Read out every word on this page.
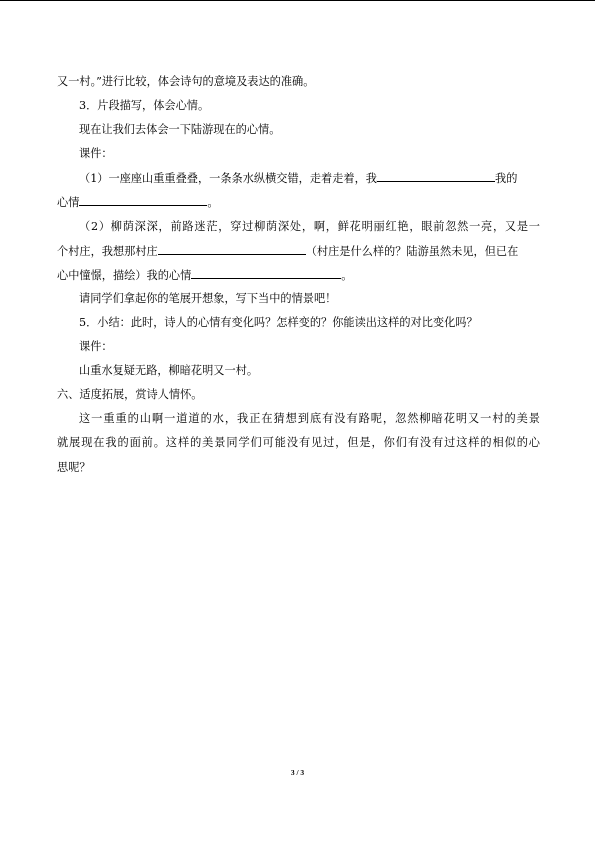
又一村。”进行比较，体会诗句的意境及表达的准确。
3．片段描写，体会心情。
现在让我们去体会一下陆游现在的心情。
课件：
（1）一座座山重重叠叠，一条条水纵横交错，走着走着，我	我的
心情	。
（2）柳荫深深，前路迷茫，穿过柳荫深处，啊，鲜花明丽红艳，眼前忽然一亮，又是一
个村庄，我想那村庄	（村庄是什么样的？陆游虽然未见，但已在
心中憧憬，描绘）我的心情	。
请同学们拿起你的笔展开想象，写下当中的情景吧！
5．小结：此时，诗人的心情有变化吗？怎样变的？你能读出这样的对比变化吗？
课件：
山重水复疑无路，柳暗花明又一村。
六、适度拓展，赏诗人情怀。
这一重重的山啊一道道的水，我正在猜想到底有没有路呢，忽然柳暗花明又一村的美景
就展现在我的面前。这样的美景同学们可能没有见过，但是，你们有没有过这样的相似的心
思呢？
3 / 3
